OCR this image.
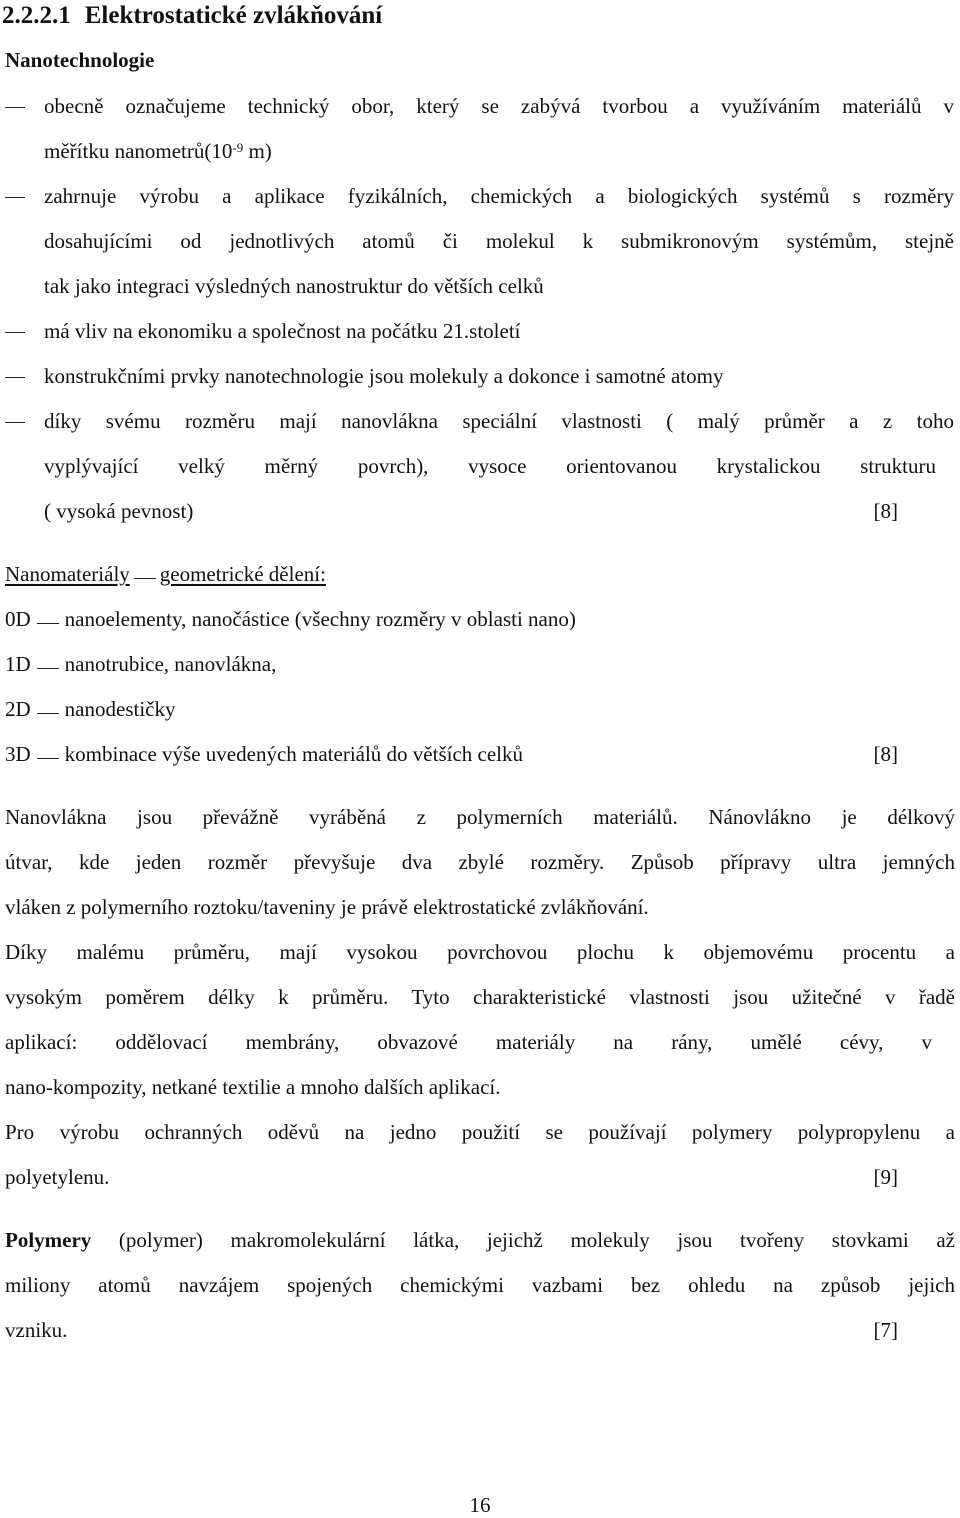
2.2.2.1 Elektrostatické zvlákňování
Nanotechnologie
obecně označujeme technický obor, který se zabývá tvorbou a využíváním materiálů v
měřítku $nanometrů(10^{-9}$ m)
zahrnuje výrobu a aplikace fyzikálních, chemických a biologických systémů s rozměry
dosahujícími od jednotlivých atomů či molekul k submikronovým systémům, stejně
tak jako integraci výsledných nanostruktur do větších celků
má vliv na ekonomiku a společnost na počátku 21.století
konstrukčními prvky nanotechnologie jsou molekuly a dokonce i samotné atomy
díky svému rozměru mají nanovlákna speciální vlastnosti ( malý průměr a z toho
vyplývající velký měrný povrch), vysoce orientovanou krystalickou strukturu
( vysoká pevnost)	[8]
Nanomateriály geometrické dělení:
0D nanoelementy, nanočástice (všechny rozměry v oblasti nano)
1D nanotrubice, nanovlákna,
2D nanodestičky
3D kombinace výše uvedených materiálů do větších celků	[8]
Nanovlákna jsou převážně vyráběná z polymerních materiálů. Nánovlákno je délkový
útvar, kde jeden rozměr převyšuje dva zbylé rozměry. Způsob přípravy ultra jemných
vláken z polymerního roztoku/taveniny je právě elektrostatické zvlákňování.
Díky malému průměru, mají vysokou povrchovou plochu k objemovému procentu a
vysokým poměrem délky k průměru. Tyto charakteristické vlastnosti jsou užitečné v řadě
aplikací: oddělovací membrány, obvazové materiály na rány, umělé cévy, v
nano-kompozity, netkané textilie a mnoho dalších aplikací.
Pro výrobu ochranných oděvů na jedno použití se používají polymery polypropylenu a
polyetylenu.	[9]
Polymery (polymer) makromolekulární látka, jejichž molekuly jsou tvořeny stovkami až
miliony atomů navzájem spojených chemickými vazbami bez ohledu na způsob jejich
vzniku.	[7]
16
